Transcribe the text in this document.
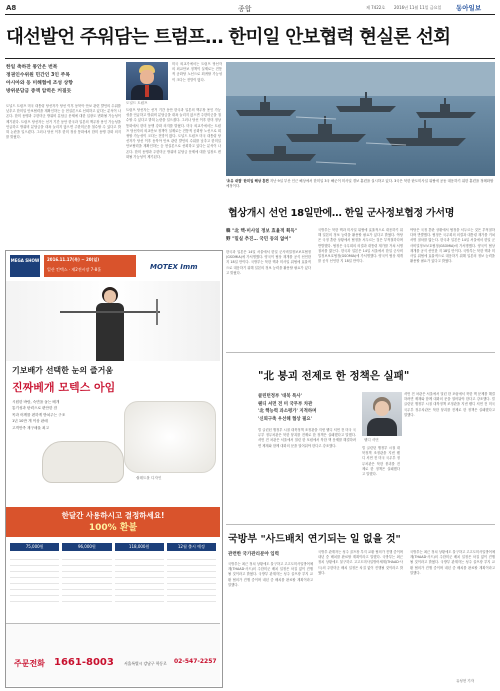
A8	종합	제 7422호 2016년 11월 11일 금요일 동아일보
대선발언 주워담는 트럼프… 한미일 안보협력 현실론 선회
한일 축하잔 통안은 번복
정권인수위원 민간인 3인 주목
아시아와 동 미해협에 조성 상향
방위분담금 증액 압력은 커질듯
도널드 트럼프 미국 대통령 당선자가 당선 이후 동북아 안보 관련 발언의 수위를 낮추고 한미일 안보협력을 재확인하는 등 현실론으로 선회하고 있다는 분석이 나온다. 한미 동맹과 주한미군 방위비 분담금 문제에 대한 입장도 변화될 가능성이 제기된다. 트럼프 당선자는 선거 기간 동안 한국과 일본의 핵무장 용인 가능성을 언급하고 방위비 분담금을 대폭 늘리지 않으면 주한미군을 철수할 수 있다고 밝혀 논란을 일으켰다. 그러나 당선 이후 한미 정상 통화에서 한미 동맹 강화 의지를 밝혔다.
도널드 트럼프
트럼프 당선자는 선거 기간 동안 한국과 일본의 핵무장 용인 가능성을 언급하고 방위비 분담금을 대폭 늘리지 않으면 주한미군을 철수할 수 있다고 밝혀 논란을 일으켰다. 그러나 당선 이후 한미 정상 통화에서 한미 동맹 강화 의지를 밝혔다. 미국 외교가에서는 트럼프 당선자의 외교안보 정책이 실제로는 전통적 공화당 노선으로 회귀할 가능성이 크다는 전망이 많다. 도널드 트럼프 미국 대통령 당선자가 당선 이후 동북아 안보 관련 발언의 수위를 낮추고 한미일 안보협력을 재확인하는 등 현실론으로 선회하고 있다는 분석이 나온다. 한미 동맹과 주한미군 방위비 분담금 문제에 대한 입장도 변화될 가능성이 제기된다.
미국 외교가에서는 트럼프 당선자의 외교안보 정책이 실제로는 전통적 공화당 노선으로 회귀할 가능성이 크다는 전망이 많다.
'초유 대결' 한미일 해상 훈련 지난 9일 부산 인근 해상에서 한미일 3국 해군이 미사일 경보 훈련을 실시하고 있다. 3국은 북한 탄도미사일 위협에 공동 대응하기 위한 훈련을 정례화할 예정이다.
협상개시 선언 18일만에… 한일 군사정보협정 가서명
韓 "北 핵·미사일 정보 효율적 획득"
野 "밀실 추진… 국민 동의 없어"
한국과 일본은 14일 서울에서 한일 군사비밀정보보호협정(GSOMIA)에 가서명했다. 양국이 협상 재개를 공식 선언한 지 18일 만이다. 국방부는 북한 핵과 미사일 위협에 효율적으로 대응하기 위해 일본의 정보 능력을 활용할 필요가 있다고 밝혔다.
국방부는 북한 핵과 미사일 위협에 효율적으로 대응하기 위해 일본의 정보 능력을 활용할 필요가 있다고 밝혔다. 야당은 국정 혼란 상황에서 협정을 서두르는 것은 부적절하다며 반발했다. 협정은 국무회의 의결과 대통령 재가를 거쳐 서명 절차를 밟는다. 한국과 일본은 14일 서울에서 한일 군사비밀정보보호협정(GSOMIA)에 가서명했다. 양국이 협상 재개를 공식 선언한 지 18일 만이다.
야당은 국정 혼란 상황에서 협정을 서두르는 것은 부적절하다며 반발했다. 협정은 국무회의 의결과 대통령 재가를 거쳐 서명 절차를 밟는다. 한국과 일본은 14일 서울에서 한일 군사비밀정보보호협정(GSOMIA)에 가서명했다. 양국이 협상 재개를 공식 선언한 지 18일 만이다. 국방부는 북한 핵과 미사일 위협에 효율적으로 대응하기 위해 일본의 정보 능력을 활용할 필요가 있다고 밝혔다.
MEGA SHOW 2016.11.17(목) ~ 20(일)
일산 킨텍스 · 제2전시장 7-8홀	MOTEX Imm
기보배가 선택한 눈의 즐거움
진짜베개 모텍스 아임
시원한 바람, 숙면을 돕는 베개
통기성과 탄력으로 편안한 잠
목과 어깨를 편하게 받쳐주는 구조
1년 10만 개 이상 판매
고객만족 재구매율 최고
쉴레트볼 디자인
한달간 사용하시고 결정하세요!
100% 환불
75,000원	96,000원	118,000원	12월 출시 예정
주문전화 1661-8003	서울특별시 강남구 학동로 02-547-2257
"北 붕괴 전제로 한 정책은 실패"
클린턴정부 '대북 특사'
웬디 셔먼 전 미 국무부 차관
'北 핵능력 과소평가' 지적하며
'신뢰구축 우선해 협상 필요'
빌 클린턴 행정부 시절 대북정책 조정관을 지낸 웬디 셔먼 전 미국 국무부 정무차관은 북한 붕괴를 전제로 한 정책은 실패했다고 말했다. 셔먼 전 차관은 서울에서 열린 한 포럼에서 북한 핵 문제를 해결하려면 제재와 함께 대화의 문을 열어둬야 한다고 강조했다.
웬디 셔먼
셔먼 전 차관은 서울에서 열린 한 포럼에서 북한 핵 문제를 해결하려면 제재와 함께 대화의 문을 열어둬야 한다고 강조했다. 빌 클린턴 행정부 시절 대북정책 조정관을 지낸 웬디 셔먼 전 미국 국무부 정무차관은 북한 붕괴를 전제로 한 정책은 실패했다고 말했다.
빌 클린턴 행정부 시절 대북정책 조정관을 지낸 웬디 셔먼 전 미국 국무부 정무차관은 북한 붕괴를 전제로 한 정책은 실패했다고 말했다.
국방부 "사드배치 연기되는 일 없을 것"
관련한 국가관리분야 입력
국방부는 최근 정치 상황에도 불구하고 고고도미사일방어체계(THAAD·사드)의 주한미군 배치 일정은 차질 없이 진행될 것이라고 밝혔다. 국방부 관계자는 성주 골프장 부지 교환 협의가 진행 중이며 내년 중 배치를 완료할 계획이라고 말했다.
국방부 관계자는 성주 골프장 부지 교환 협의가 진행 중이며 내년 중 배치를 완료할 계획이라고 말했다. 국방부는 최근 정치 상황에도 불구하고 고고도미사일방어체계(THAAD·사드)의 주한미군 배치 일정은 차질 없이 진행될 것이라고 밝혔다.
국방부는 최근 정치 상황에도 불구하고 고고도미사일방어체계(THAAD·사드)의 주한미군 배치 일정은 차질 없이 진행될 것이라고 밝혔다. 국방부 관계자는 성주 골프장 부지 교환 협의가 진행 중이며 내년 중 배치를 완료할 계획이라고 말했다.
유성현 기자
